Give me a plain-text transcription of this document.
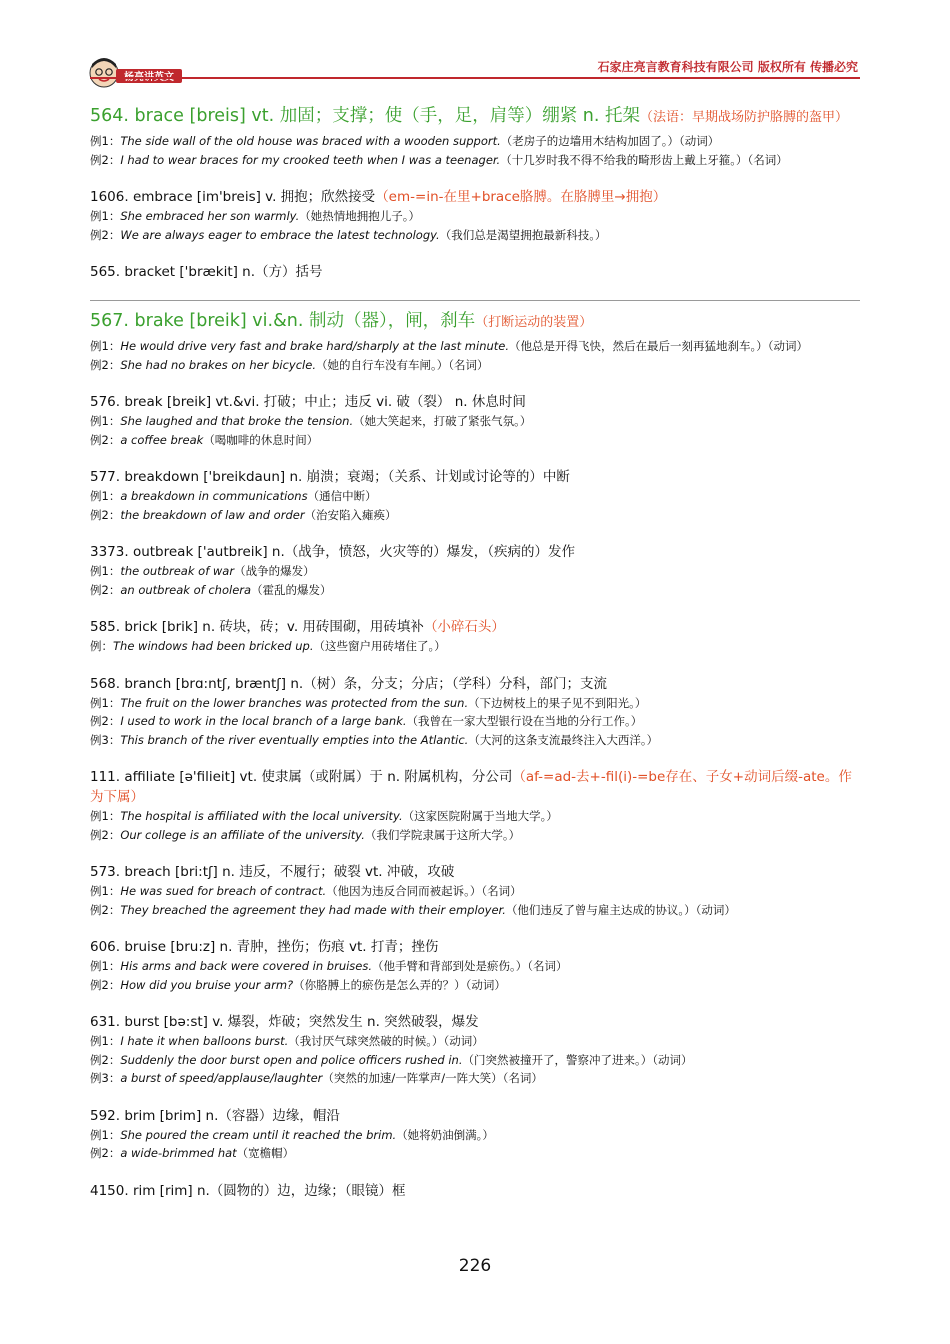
石家庄亮言教育科技有限公司 版权所有 传播必究

564. brace [breis] vt. 加固；支撑；使（手，足，肩等）绷紧 n. 托架（法语：早期战场防护胳膊的盔甲）

例1：The side wall of the old house was braced with a wooden support.（老房子的边墙用木结构加固了。）（动词）

例2：I had to wear braces for my crooked teeth when I was a teenager.（十几岁时我不得不给我的畸形齿上戴上牙箍。）（名词）

1606. embrace [im'breis] v. 拥抱；欣然接受（em-=in-在里+brace胳膊。在胳膊里→拥抱）

例1：She embraced her son warmly.（她热情地拥抱儿子。）

例2：We are always eager to embrace the latest technology.（我们总是渴望拥抱最新科技。）

565. bracket ['brækit] n.（方）括号

567. brake [breik] vi.&n. 制动（器），闸，刹车（打断运动的装置）

例1：He would drive very fast and brake hard/sharply at the last minute.（他总是开得飞快，然后在最后一刻再猛地刹车。）（动词）

例2：She had no brakes on her bicycle.（她的自行车没有车闸。）（名词）

576. break [breik] vt.&vi. 打破；中止；违反 vi. 破（裂） n. 休息时间

例1：She laughed and that broke the tension.（她大笑起来，打破了紧张气氛。）

例2：a coffee break（喝咖啡的休息时间）

577. breakdown ['breikdaun] n. 崩溃；衰竭；（关系、计划或讨论等的）中断

例1：a breakdown in communications（通信中断）

例2：the breakdown of law and order（治安陷入瘫痪）

3373. outbreak ['autbreik] n.（战争，愤怒，火灾等的）爆发，（疾病的）发作

例1：the outbreak of war（战争的爆发）

例2：an outbreak of cholera（霍乱的爆发）

585. brick [brik] n. 砖块，砖；v. 用砖围砌，用砖填补（小碎石头）

例：The windows had been bricked up.（这些窗户用砖堵住了。）

568. branch [brɑ:ntʃ, bræntʃ] n.（树）条，分支；分店；（学科）分科，部门；支流

例1：The fruit on the lower branches was protected from the sun.（下边树枝上的果子见不到阳光。）

例2：I used to work in the local branch of a large bank.（我曾在一家大型银行设在当地的分行工作。）

例3：This branch of the river eventually empties into the Atlantic.（大河的这条支流最终注入大西洋。）

111. affiliate [ə'filieit] vt. 使隶属（或附属）于 n. 附属机构，分公司（af-=ad-去+-fil(i)-=be存在、子女+动词后缀-ate。作为下属）

例1：The hospital is affiliated with the local university.（这家医院附属于当地大学。）

例2：Our college is an affiliate of the university.（我们学院隶属于这所大学。）

573. breach [bri:tʃ] n. 违反，不履行；破裂 vt. 冲破，攻破

例1：He was sued for breach of contract.（他因为违反合同而被起诉。）（名词）

例2：They breached the agreement they had made with their employer.（他们违反了曾与雇主达成的协议。）（动词）

606. bruise [bru:z] n. 青肿，挫伤；伤痕 vt. 打青；挫伤

例1：His arms and back were covered in bruises.（他手臂和背部到处是瘀伤。）（名词）

例2：How did you bruise your arm?（你胳膊上的瘀伤是怎么弄的？）（动词）

631. burst [bə:st] v. 爆裂，炸破；突然发生 n. 突然破裂，爆发

例1：I hate it when balloons burst.（我讨厌气球突然破的时候。）（动词）

例2：Suddenly the door burst open and police officers rushed in.（门突然被撞开了，警察冲了进来。）（动词）

例3：a burst of speed/applause/laughter（突然的加速/一阵掌声/一阵大笑）（名词）

592. brim [brim] n.（容器）边缘，帽沿

例1：She poured the cream until it reached the brim.（她将奶油倒满。）

例2：a wide-brimmed hat（宽檐帽）

4150. rim [rim] n.（圆物的）边，边缘；（眼镜）框

226
